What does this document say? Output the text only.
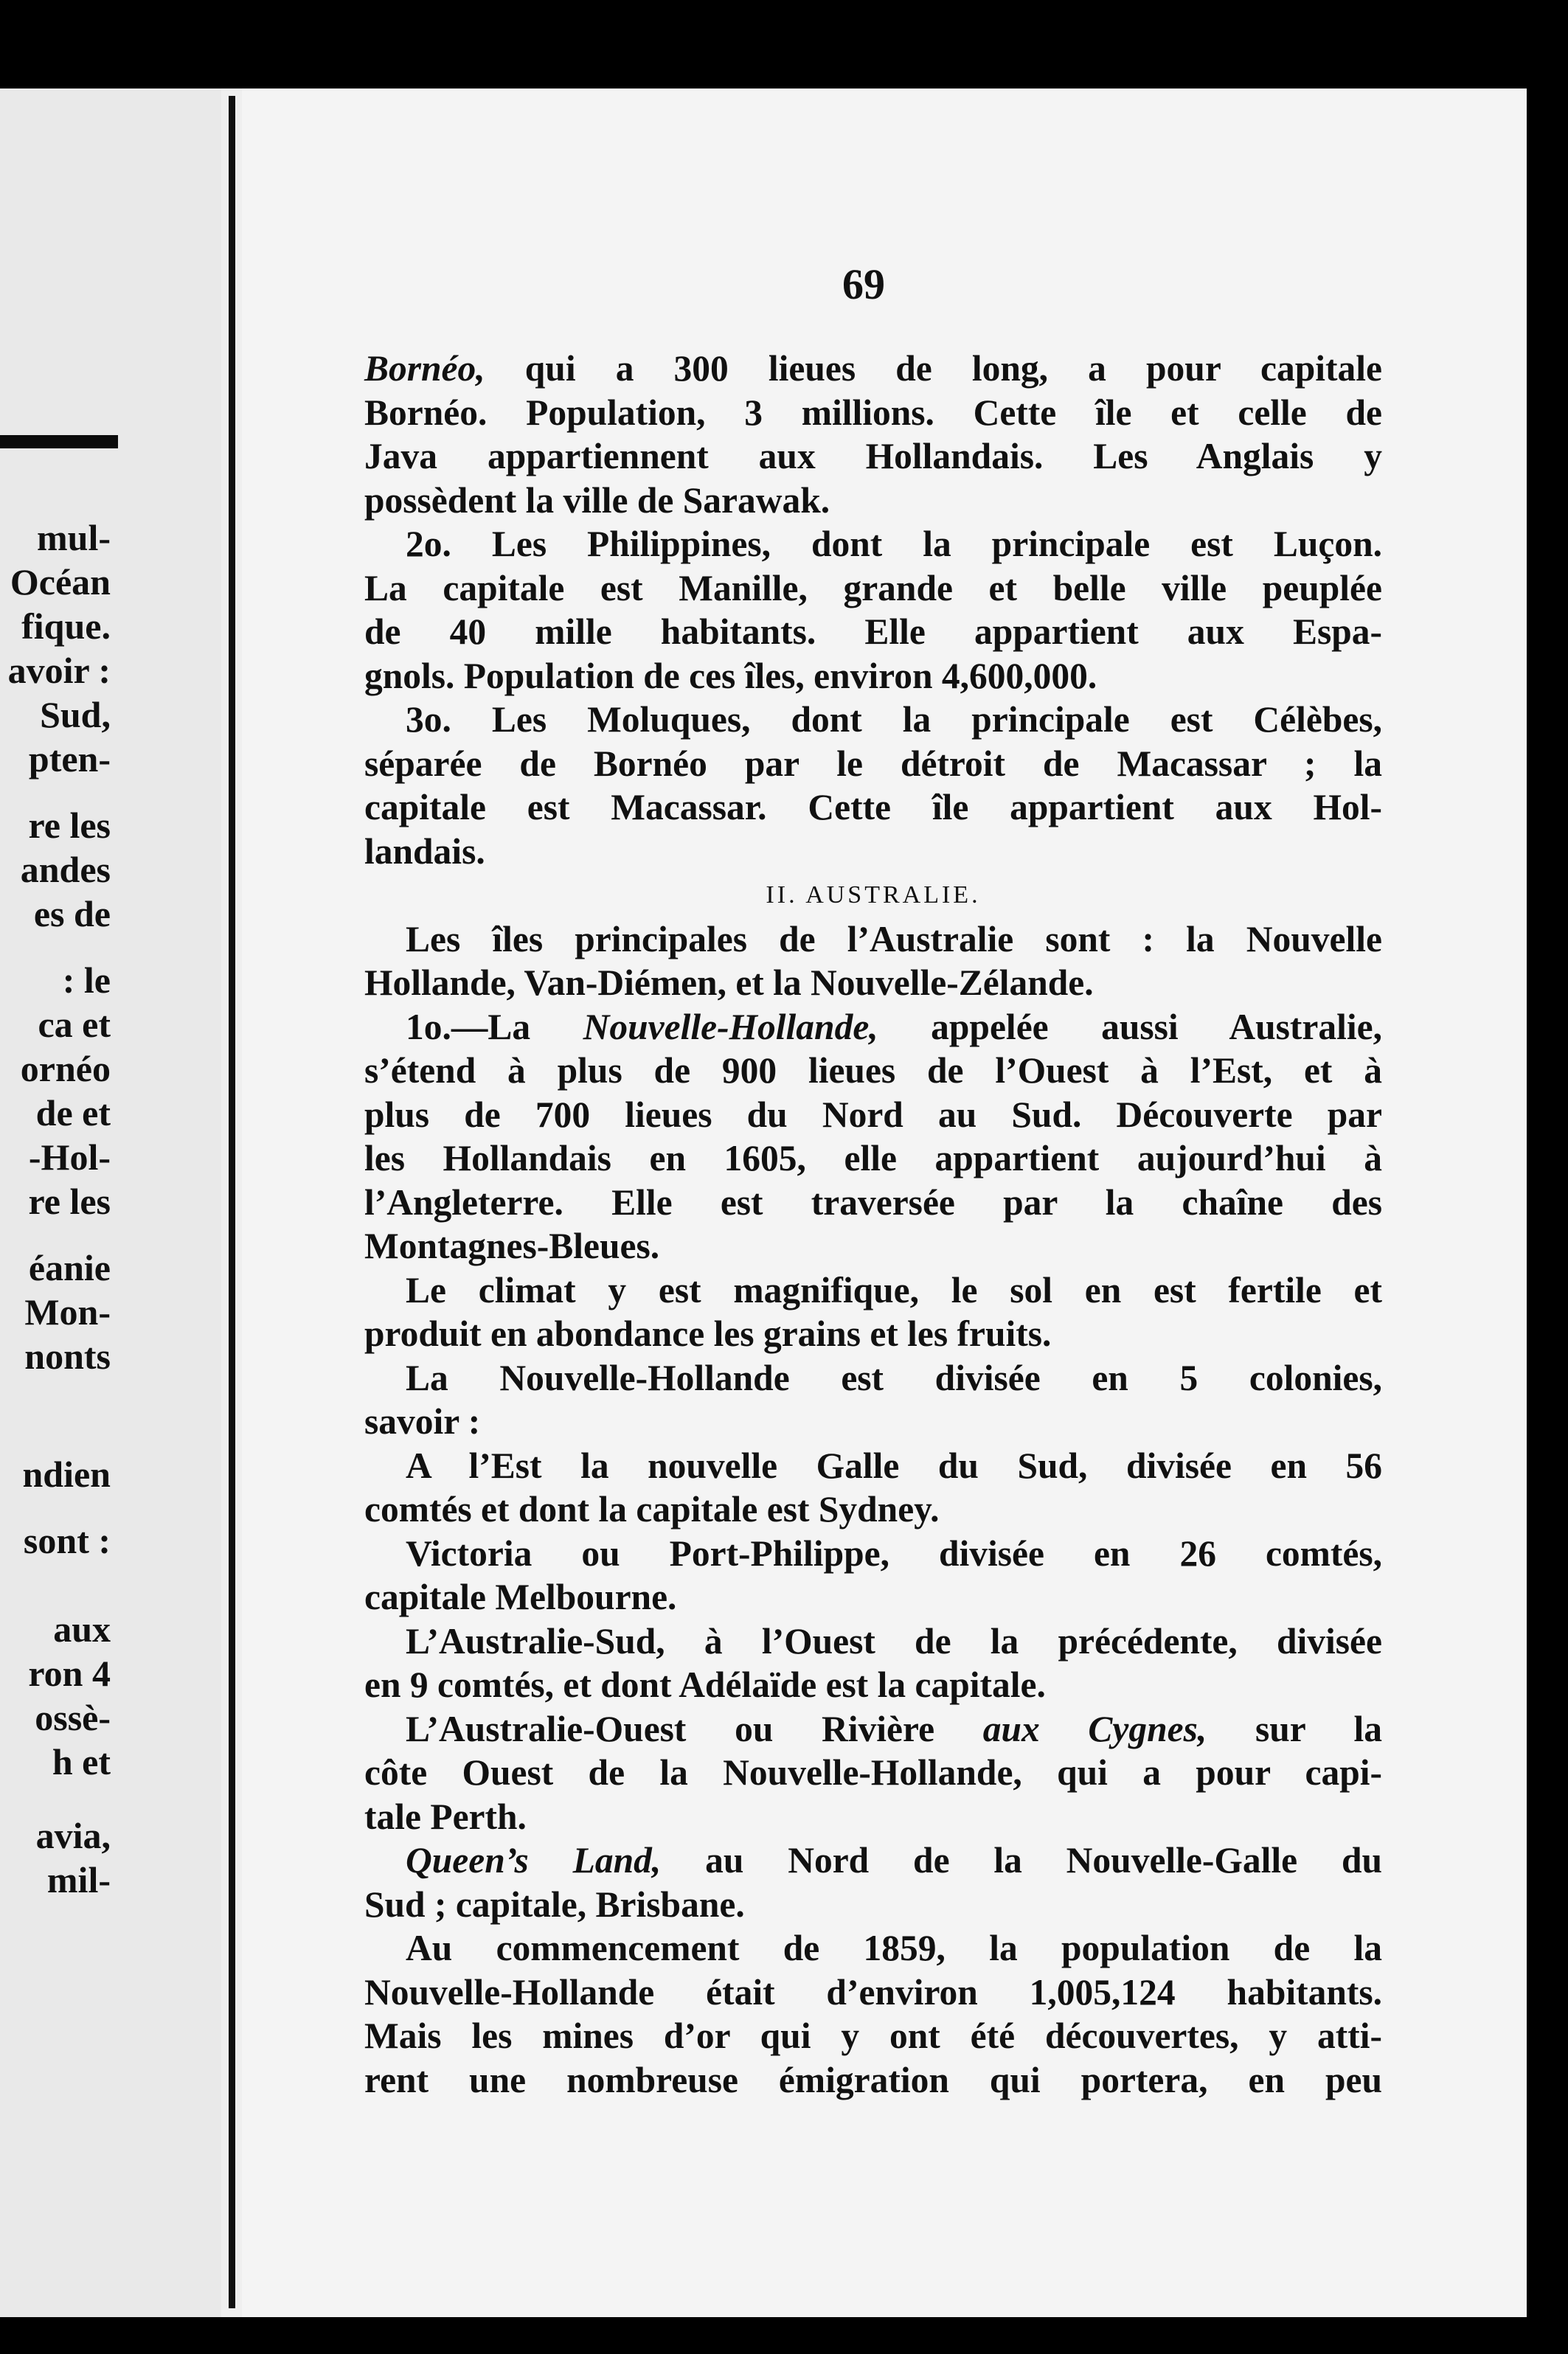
mul-
Océan
fique.
avoir :
Sud,
pten-
re les
andes
es de
: le
ca et
ornéo
de et
-Hol-
re les
éanie
Mon-
nonts
ndien
sont :
aux
ron 4
ossè-
h et
avia,
mil-
69
Bornéo, qui a 300 lieues de long, a pour capitale
Bornéo. Population, 3 millions. Cette île et celle de
Java appartiennent aux Hollandais. Les Anglais y
possèdent la ville de Sarawak.
2o. Les Philippines, dont la principale est Luçon.
La capitale est Manille, grande et belle ville peuplée
de 40 mille habitants. Elle appartient aux Espa-
gnols. Population de ces îles, environ 4,600,000.
3o. Les Moluques, dont la principale est Célèbes,
séparée de Bornéo par le détroit de Macassar ; la
capitale est Macassar. Cette île appartient aux Hol-
landais.
II. AUSTRALIE.
Les îles principales de l’Australie sont : la Nouvelle
Hollande, Van-Diémen, et la Nouvelle-Zélande.
1o.—La Nouvelle-Hollande, appelée aussi Australie,
s’étend à plus de 900 lieues de l’Ouest à l’Est, et à
plus de 700 lieues du Nord au Sud. Découverte par
les Hollandais en 1605, elle appartient aujourd’hui à
l’Angleterre. Elle est traversée par la chaîne des
Montagnes-Bleues.
Le climat y est magnifique, le sol en est fertile et
produit en abondance les grains et les fruits.
La Nouvelle-Hollande est divisée en 5 colonies,
savoir :
A l’Est la nouvelle Galle du Sud, divisée en 56
comtés et dont la capitale est Sydney.
Victoria ou Port-Philippe, divisée en 26 comtés,
capitale Melbourne.
L’Australie-Sud, à l’Ouest de la précédente, divisée
en 9 comtés, et dont Adélaïde est la capitale.
L’Australie-Ouest ou Rivière aux Cygnes, sur la
côte Ouest de la Nouvelle-Hollande, qui a pour capi-
tale Perth.
Queen’s Land, au Nord de la Nouvelle-Galle du
Sud ; capitale, Brisbane.
Au commencement de 1859, la population de la
Nouvelle-Hollande était d’environ 1,005,124 habitants.
Mais les mines d’or qui y ont été découvertes, y atti-
rent une nombreuse émigration qui portera, en peu
